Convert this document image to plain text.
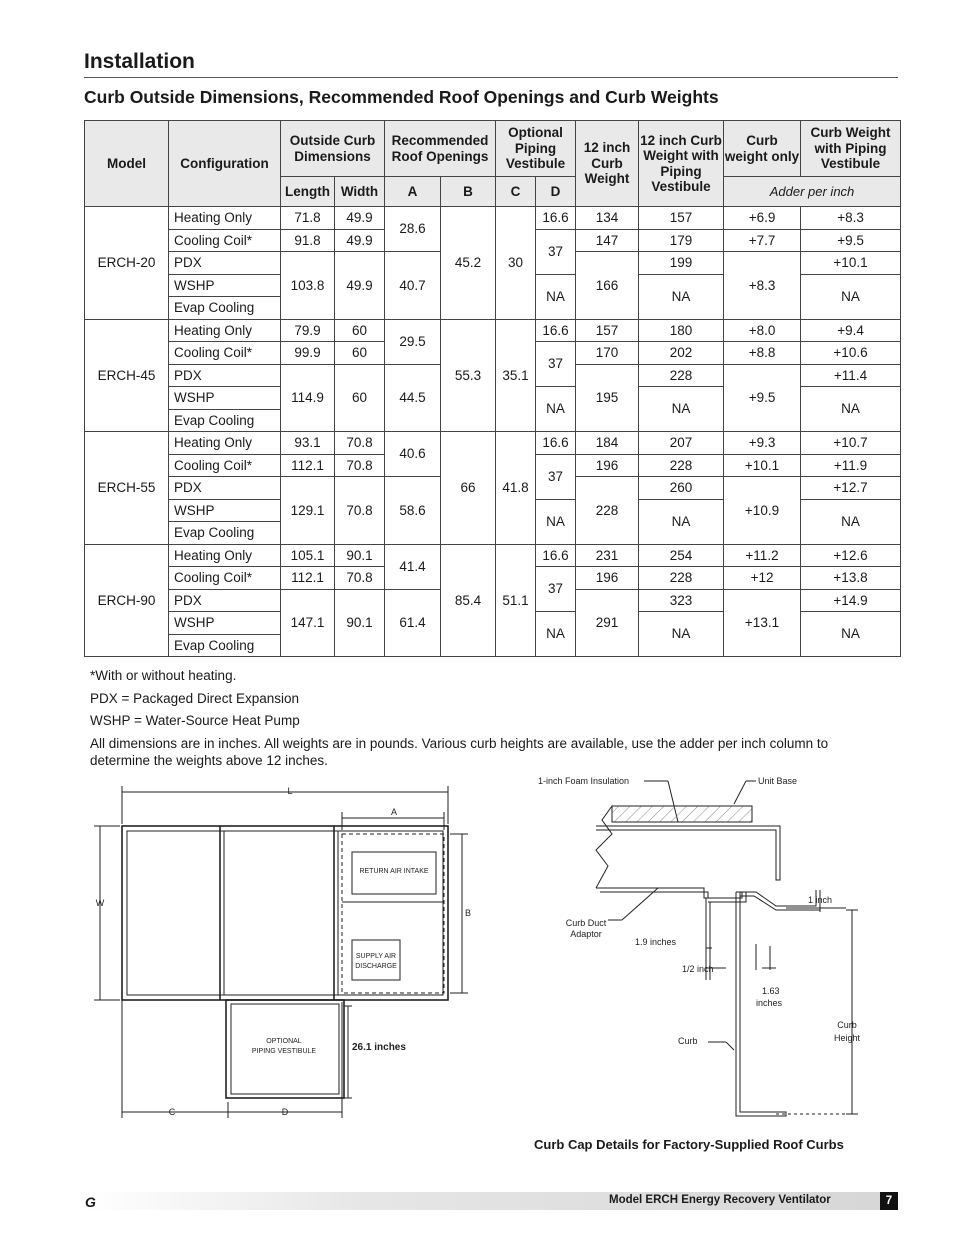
Installation
Curb Outside Dimensions, Recommended Roof Openings and Curb Weights
Model	Configuration	Outside Curb Dimensions		Recommended Roof Openings		Optional Piping Vestibule		12 inch Curb Weight	12 inch Curb Weight with Piping Vestibule	Curb weight only	Curb Weight with Piping Vestibule
		Length	Width	A	B	C	D			Adder per inch	
ERCH-20	Heating Only	71.8	49.9	28.6	45.2	30	16.6	134	157	+6.9	+8.3
	Cooling Coil*	91.8	49.9				37	147	179	+7.7	+9.5
	PDX	103.8	49.9	40.7				166	199	+8.3	+10.1
	WSHP						NA		NA		NA
	Evap Cooling										
ERCH-45	Heating Only	79.9	60	29.5	55.3	35.1	16.6	157	180	+8.0	+9.4
	Cooling Coil*	99.9	60				37	170	202	+8.8	+10.6
	PDX	114.9	60	44.5				195	228	+9.5	+11.4
	WSHP						NA		NA		NA
	Evap Cooling										
ERCH-55	Heating Only	93.1	70.8	40.6	66	41.8	16.6	184	207	+9.3	+10.7
	Cooling Coil*	112.1	70.8				37	196	228	+10.1	+11.9
	PDX	129.1	70.8	58.6				228	260	+10.9	+12.7
	WSHP						NA		NA		NA
	Evap Cooling										
ERCH-90	Heating Only	105.1	90.1	41.4	85.4	51.1	16.6	231	254	+11.2	+12.6
	Cooling Coil*	112.1	70.8				37	196	228	+12	+13.8
	PDX	147.1	90.1	61.4				291	323	+13.1	+14.9
	WSHP						NA		NA		NA
	Evap Cooling										

*With or without heating.

PDX = Packaged Direct Expansion

WSHP = Water-Source Heat Pump

All dimensions are in inches. All weights are in pounds. Various curb heights are available, use the adder per inch column to determine the weights above 12 inches.

L
A
W
B
RETURN AIR INTAKE
SUPPLY AIR
DISCHARGE
OPTIONAL
PIPING VESTIBULE
C	D
26.1 inches
1-inch Foam Insulation	Unit Base
Curb Duct
Adaptor
1 inch
1.9 inches
1/2 inch
1.63
inches
Curb
Curb
Height
Curb Cap Details for Factory-Supplied Roof Curbs
G	Model ERCH Energy Recovery Ventilator	7
